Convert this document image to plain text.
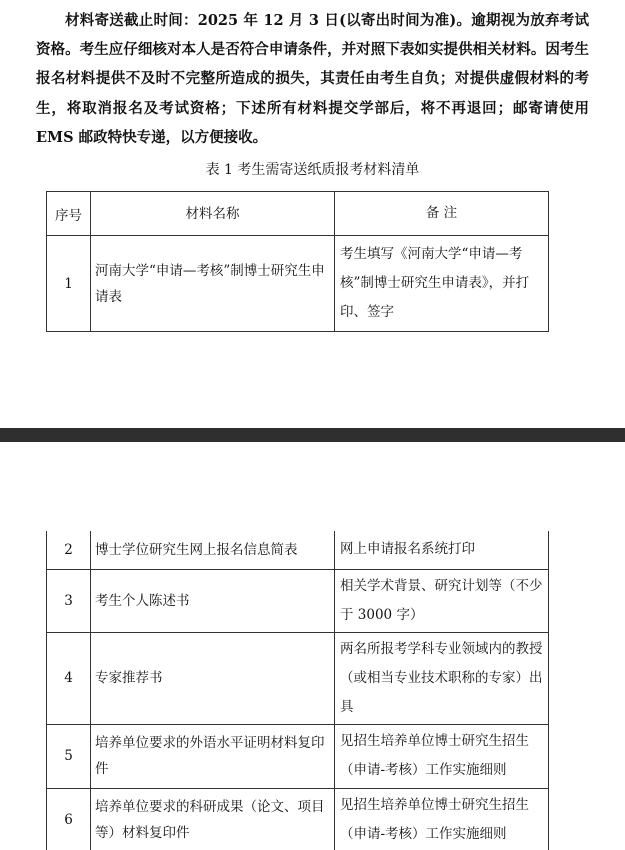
材料寄送截止时间：2025 年 12 月 3 日(以寄出时间为准)。逾期视为放弃考试资格。考生应仔细核对本人是否符合申请条件，并对照下表如实提供相关材料。因考生报名材料提供不及时不完整所造成的损失，其责任由考生自负；对提供虚假材料的考生，将取消报名及考试资格；下述所有材料提交学部后，将不再退回；邮寄请使用 EMS 邮政特快专递，以方便接收。

表 1 考生需寄送纸质报考材料清单

序号	材料名称	备 注
1	河南大学“申请—考核”制博士研究生申请表	考生填写《河南大学“申请—考核”制博士研究生申请表》，并打印、签字
2	博士学位研究生网上报名信息简表	网上申请报名系统打印
3	考生个人陈述书	相关学术背景、研究计划等（不少于 3000 字）
4	专家推荐书	两名所报考学科专业领域内的教授（或相当专业技术职称的专家）出具
5	培养单位要求的外语水平证明材料复印件	见招生培养单位博士研究生招生（申请-考核）工作实施细则
6	培养单位要求的科研成果（论文、项目等）材料复印件	见招生培养单位博士研究生招生（申请-考核）工作实施细则
